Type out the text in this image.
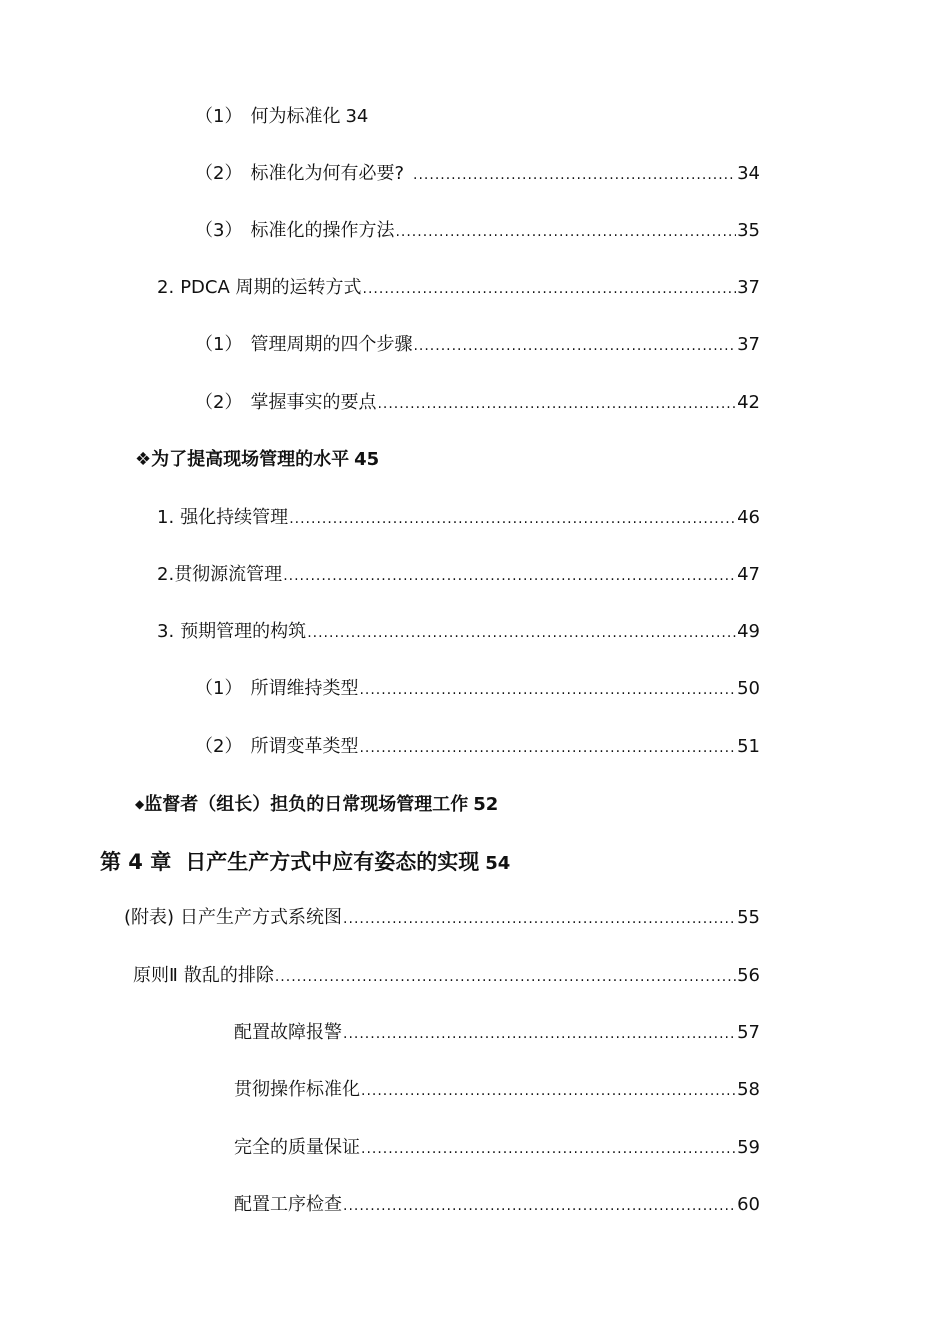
（1） 何为标准化 34
（2） 标准化为何有必要? .....	34
（3） 标准化的操作方法 .....	35
2. PDCA 周期的运转方式 .....	37
（1） 管理周期的四个步骤 .....	37
（2） 掌握事实的要点 .....	42
❖为了提高现场管理的水平 45
1. 强化持续管理 .....	46
2.贯彻源流管理 .....	47
3. 预期管理的构筑 .....	49
（1） 所谓维持类型 .....	50
（2） 所谓变革类型 .....	51
◆监督者（组长）担负的日常现场管理工作 52
第 4 章 日产生产方式中应有姿态的实现 54
(附表) 日产生产方式系统图 .....	55
原则Ⅱ 散乱的排除 .....	56
配置故障报警 .....	57
贯彻操作标准化 .....	58
完全的质量保证 .....	59
配置工序检查 .....	60
